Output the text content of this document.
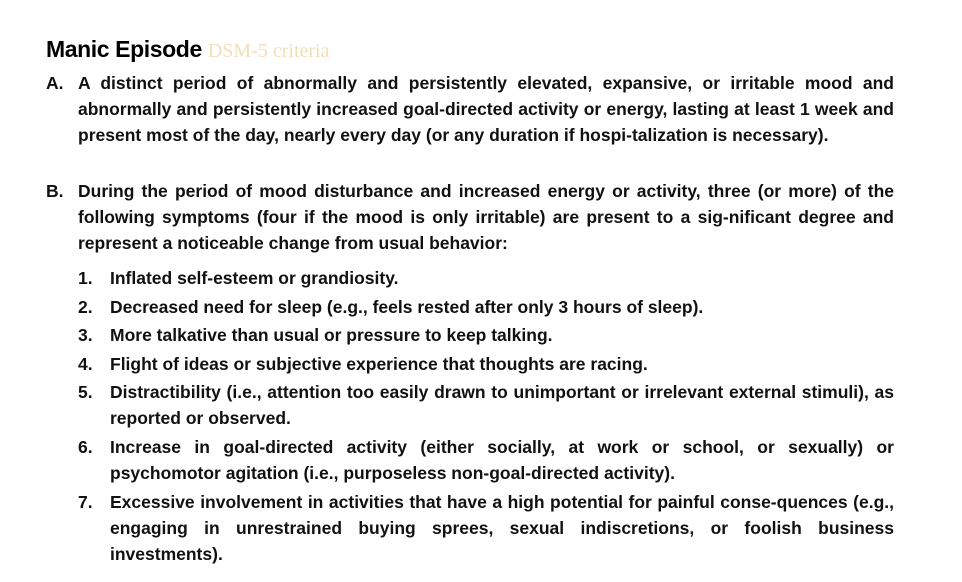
Manic Episode DSM-5 criteria
A. A distinct period of abnormally and persistently elevated, expansive, or irritable mood and abnormally and persistently increased goal-directed activity or energy, lasting at least 1 week and present most of the day, nearly every day (or any duration if hospi-talization is necessary).
B. During the period of mood disturbance and increased energy or activity, three (or more) of the following symptoms (four if the mood is only irritable) are present to a sig-nificant degree and represent a noticeable change from usual behavior:
1. Inflated self-esteem or grandiosity.
2. Decreased need for sleep (e.g., feels rested after only 3 hours of sleep).
3. More talkative than usual or pressure to keep talking.
4. Flight of ideas or subjective experience that thoughts are racing.
5. Distractibility (i.e., attention too easily drawn to unimportant or irrelevant external stimuli), as reported or observed.
6. Increase in goal-directed activity (either socially, at work or school, or sexually) or psychomotor agitation (i.e., purposeless non-goal-directed activity).
7. Excessive involvement in activities that have a high potential for painful conse-quences (e.g., engaging in unrestrained buying sprees, sexual indiscretions, or foolish business investments).
